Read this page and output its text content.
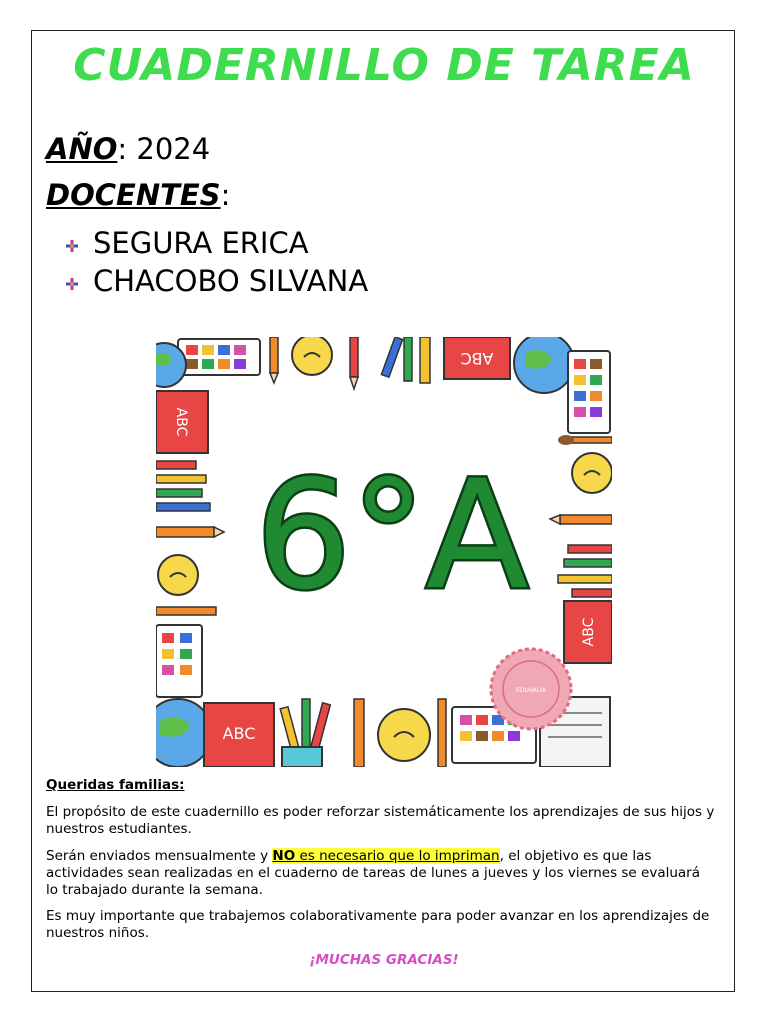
CUADERNILLO DE TAREA
AÑO: 2024
DOCENTES:
SEGURA ERICA
CHACOBO SILVANA
ABC
ABC
ABC
ABC
EDUVALIA
6°A
Queridas familias:

El propósito de este cuadernillo es poder reforzar sistemáticamente los aprendizajes de sus hijos y nuestros estudiantes.

Serán enviados mensualmente y NO es necesario que lo impriman, el objetivo es que las actividades sean realizadas en el cuaderno de tareas de lunes a jueves y los viernes se evaluará lo trabajado durante la semana.

Es muy importante que trabajemos colaborativamente para poder avanzar en los aprendizajes de nuestros niños.

¡MUCHAS GRACIAS!
